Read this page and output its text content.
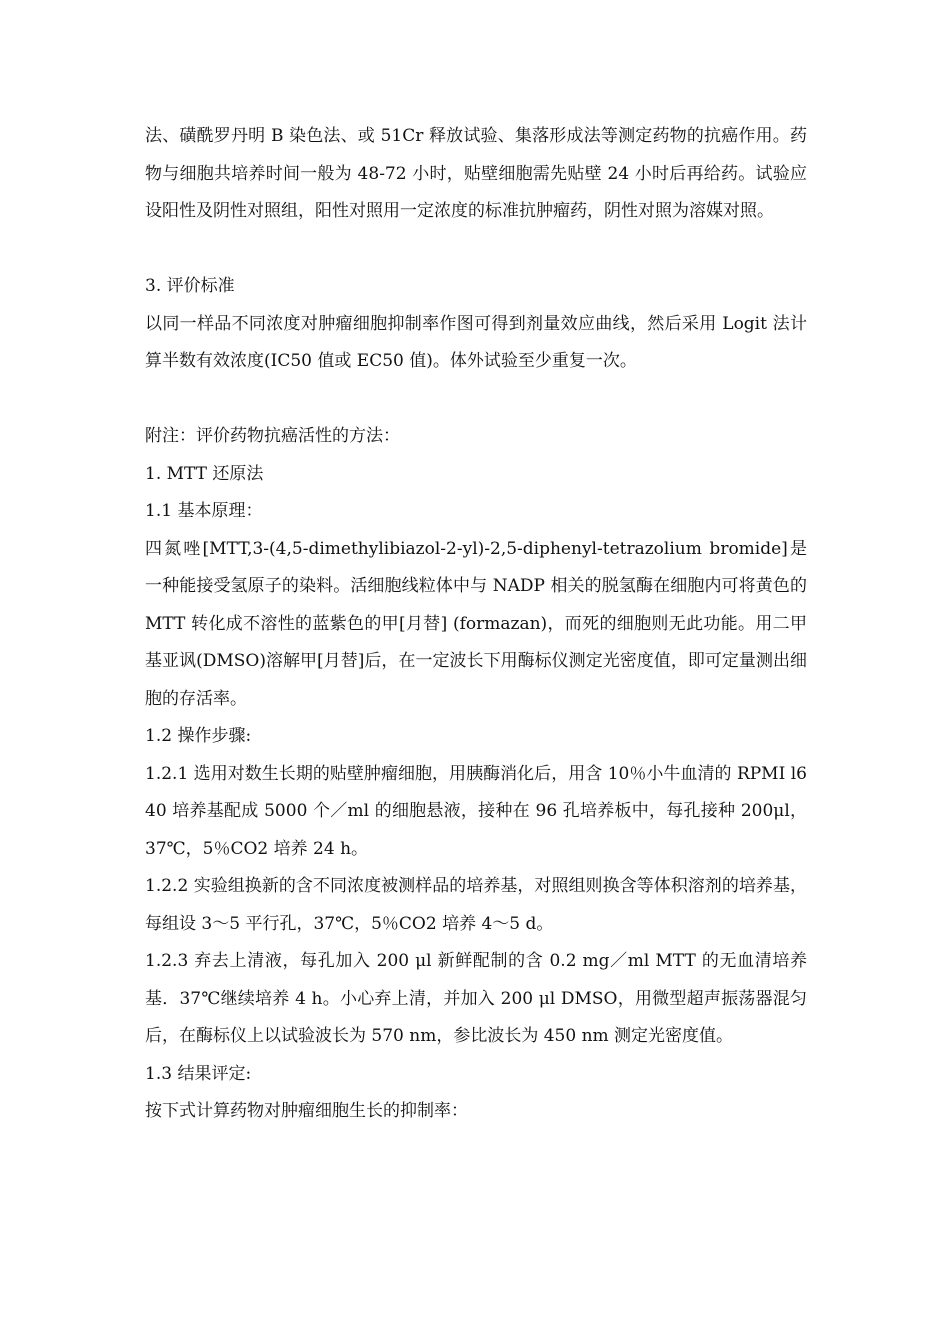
法、磺酰罗丹明 B 染色法、或 51Cr 释放试验、集落形成法等测定药物的抗癌作用。药物与细胞共培养时间一般为 48-72 小时，贴壁细胞需先贴壁 24 小时后再给药。试验应设阳性及阴性对照组，阳性对照用一定浓度的标准抗肿瘤药，阴性对照为溶媒对照。

3. 评价标准

以同一样品不同浓度对肿瘤细胞抑制率作图可得到剂量效应曲线，然后采用 Logit 法计算半数有效浓度(IC50 值或 EC50 值)。体外试验至少重复一次。

附注：评价药物抗癌活性的方法：

1. MTT 还原法

1.1 基本原理：

四氮唑[MTT,3-(4,5-dimethylibiazol-2-yl)-2,5-diphenyl-tetrazolium bromide]是一种能接受氢原子的染料。活细胞线粒体中与 NADP 相关的脱氢酶在细胞内可将黄色的 MTT 转化成不溶性的蓝紫色的甲[月替] (formazan)，而死的细胞则无此功能。用二甲基亚讽(DMSO)溶解甲[月替]后，在一定波长下用酶标仪测定光密度值，即可定量测出细胞的存活率。

1.2 操作步骤:

1.2.1 选用对数生长期的贴壁肿瘤细胞，用胰酶消化后，用含 10％小牛血清的 RPMI l640 培养基配成 5000 个／ml 的细胞悬液，接种在 96 孔培养板中，每孔接种 200μl，37℃，5％CO2 培养 24 h。

1.2.2 实验组换新的含不同浓度被测样品的培养基，对照组则换含等体积溶剂的培养基，每组设 3～5 平行孔，37℃，5％CO2 培养 4～5 d。

1.2.3 弃去上清液，每孔加入 200 μl 新鲜配制的含 0.2 mg／ml MTT 的无血清培养基．37℃继续培养 4 h。小心弃上清，并加入 200 μl DMSO，用微型超声振荡器混匀后，在酶标仪上以试验波长为 570 nm，参比波长为 450 nm 测定光密度值。

1.3 结果评定:

按下式计算药物对肿瘤细胞生长的抑制率：
